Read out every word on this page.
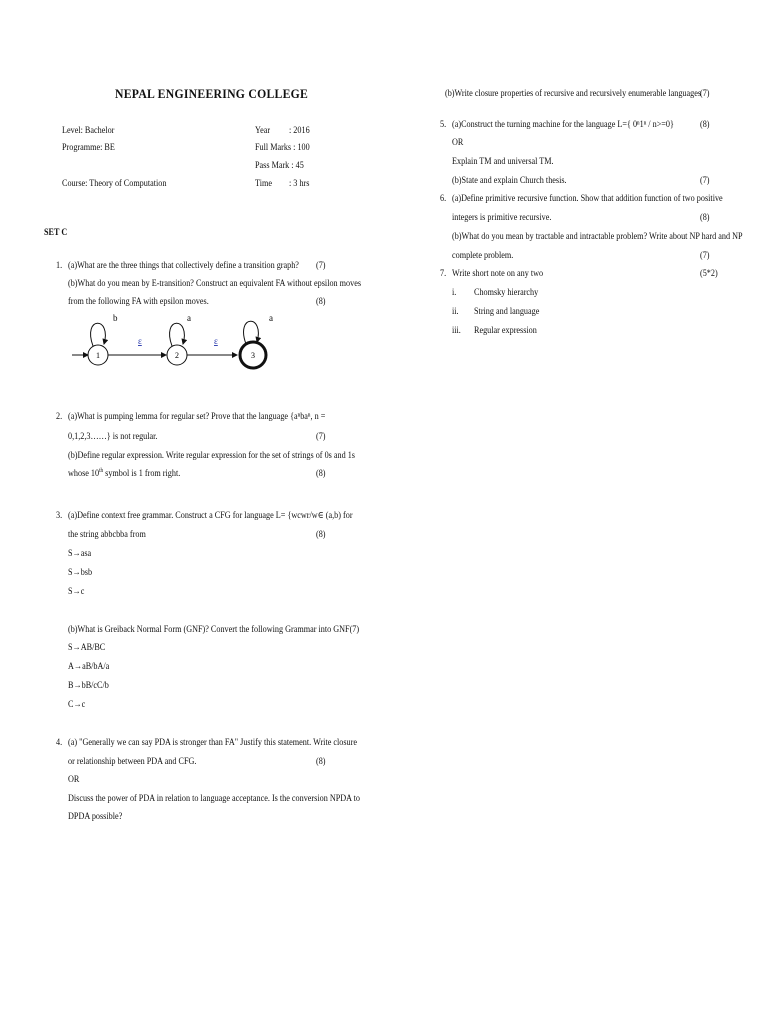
NEPAL ENGINEERING COLLEGE
Level: Bachelor
Programme: BE
Course: Theory of Computation
Year : 2016
Full Marks : 100
Pass Mark : 45
Time : 3 hrs
SET C
1. (a)What are the three things that collectively define a transition graph? (7)
(b)What do you mean by E-transition? Construct an equivalent FA without epsilon moves
from the following FA with epsilon moves.	(8)
1	2	3
b	a	a
ε	ε
2. (a)What is pumping lemma for regular set? Prove that the language {aⁿbaⁿ, n =
0,1,2,3……} is not regular.	(7)
(b)Define regular expression. Write regular expression for the set of strings of 0s and 1s
whose 10th symbol is 1 from right.	(8)
3. (a)Define context free grammar. Construct a CFG for language L= {wcwr/w∈ (a,b) for
the string abbcbba from	(8)
S→asa
S→bsb
S→c
(b)What is Greiback Normal Form (GNF)? Convert the following Grammar into GNF(7)
S→AB/BC
A→aB/bA/a
B→bB/cC/b
C→c
4. (a) "Generally we can say PDA is stronger than FA" Justify this statement. Write closure
or relationship between PDA and CFG.	(8)
OR
Discuss the power of PDA in relation to language acceptance. Is the conversion NPDA to
DPDA possible?
(b)Write closure properties of recursive and recursively enumerable languages
(7)
5. (a)Construct the turning machine for the language L={ 0ⁿ1ⁿ / n>=0}	(8)
OR
Explain TM and universal TM.
(b)State and explain Church thesis.	(7)
6. (a)Define primitive recursive function. Show that addition function of two positive
integers is primitive recursive.	(8)
(b)What do you mean by tractable and intractable problem? Write about NP hard and NP
complete problem.	(7)
7. Write short note on any two	(5*2)
i. Chomsky hierarchy
ii. String and language
iii. Regular expression
